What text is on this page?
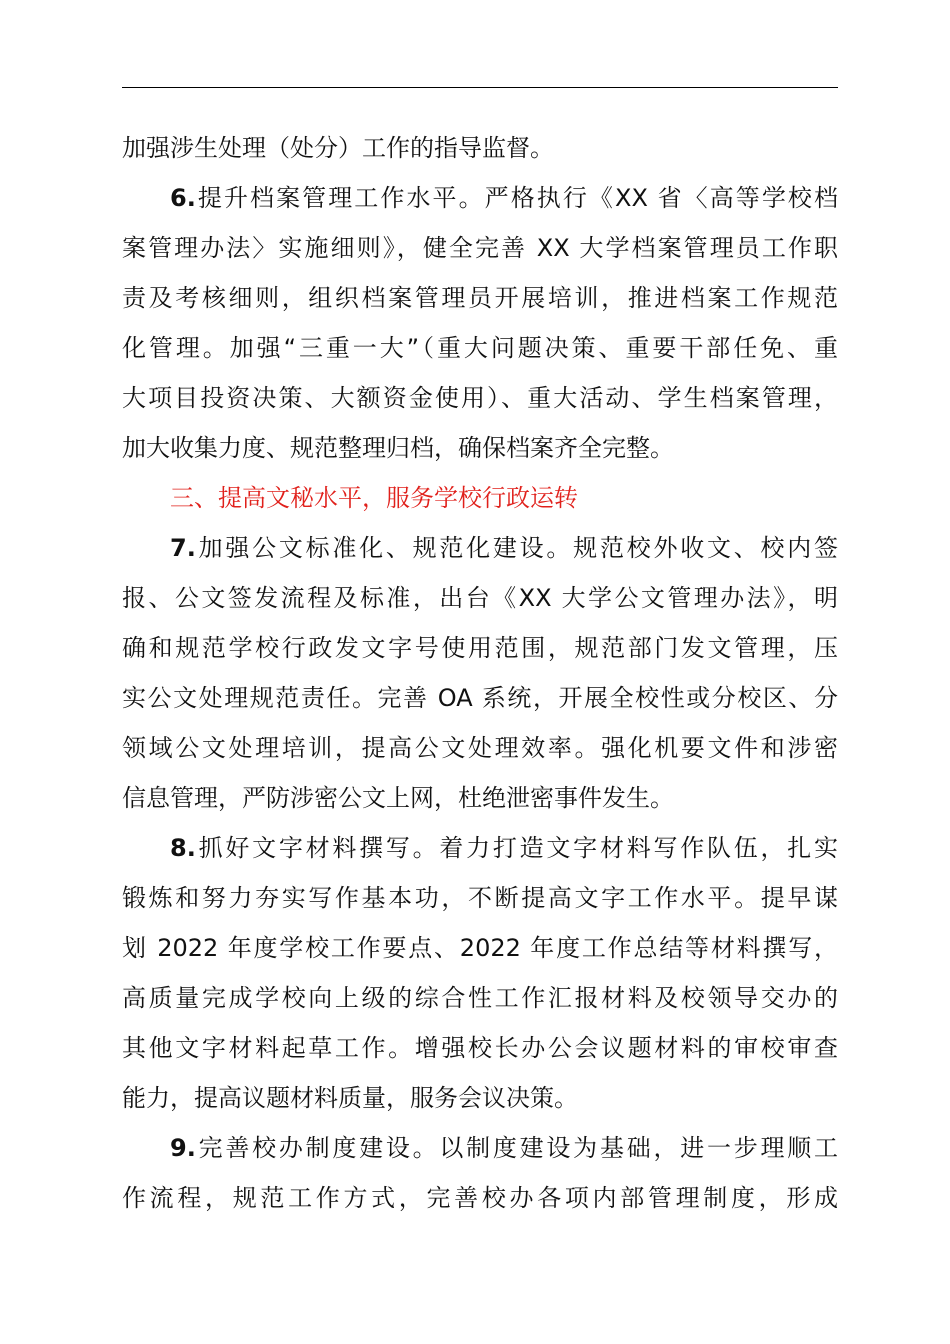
加强涉生处理（处分）工作的指导监督。
6.提升档案管理工作水平。严格执行《XX 省〈高等学校档
案管理办法〉实施细则》，健全完善 XX 大学档案管理员工作职
责及考核细则，组织档案管理员开展培训，推进档案工作规范
化管理。加强“三重一大”（重大问题决策、重要干部任免、重
大项目投资决策、大额资金使用）、重大活动、学生档案管理，
加大收集力度、规范整理归档，确保档案齐全完整。
三、提高文秘水平，服务学校行政运转
7.加强公文标准化、规范化建设。规范校外收文、校内签
报、公文签发流程及标准，出台《XX 大学公文管理办法》，明
确和规范学校行政发文字号使用范围，规范部门发文管理，压
实公文处理规范责任。完善 OA 系统，开展全校性或分校区、分
领域公文处理培训，提高公文处理效率。强化机要文件和涉密
信息管理，严防涉密公文上网，杜绝泄密事件发生。
8.抓好文字材料撰写。着力打造文字材料写作队伍，扎实
锻炼和努力夯实写作基本功，不断提高文字工作水平。提早谋
划 2022 年度学校工作要点、2022 年度工作总结等材料撰写，
高质量完成学校向上级的综合性工作汇报材料及校领导交办的
其他文字材料起草工作。增强校长办公会议题材料的审校审查
能力，提高议题材料质量，服务会议决策。
9.完善校办制度建设。以制度建设为基础，进一步理顺工
作流程，规范工作方式，完善校办各项内部管理制度，形成
